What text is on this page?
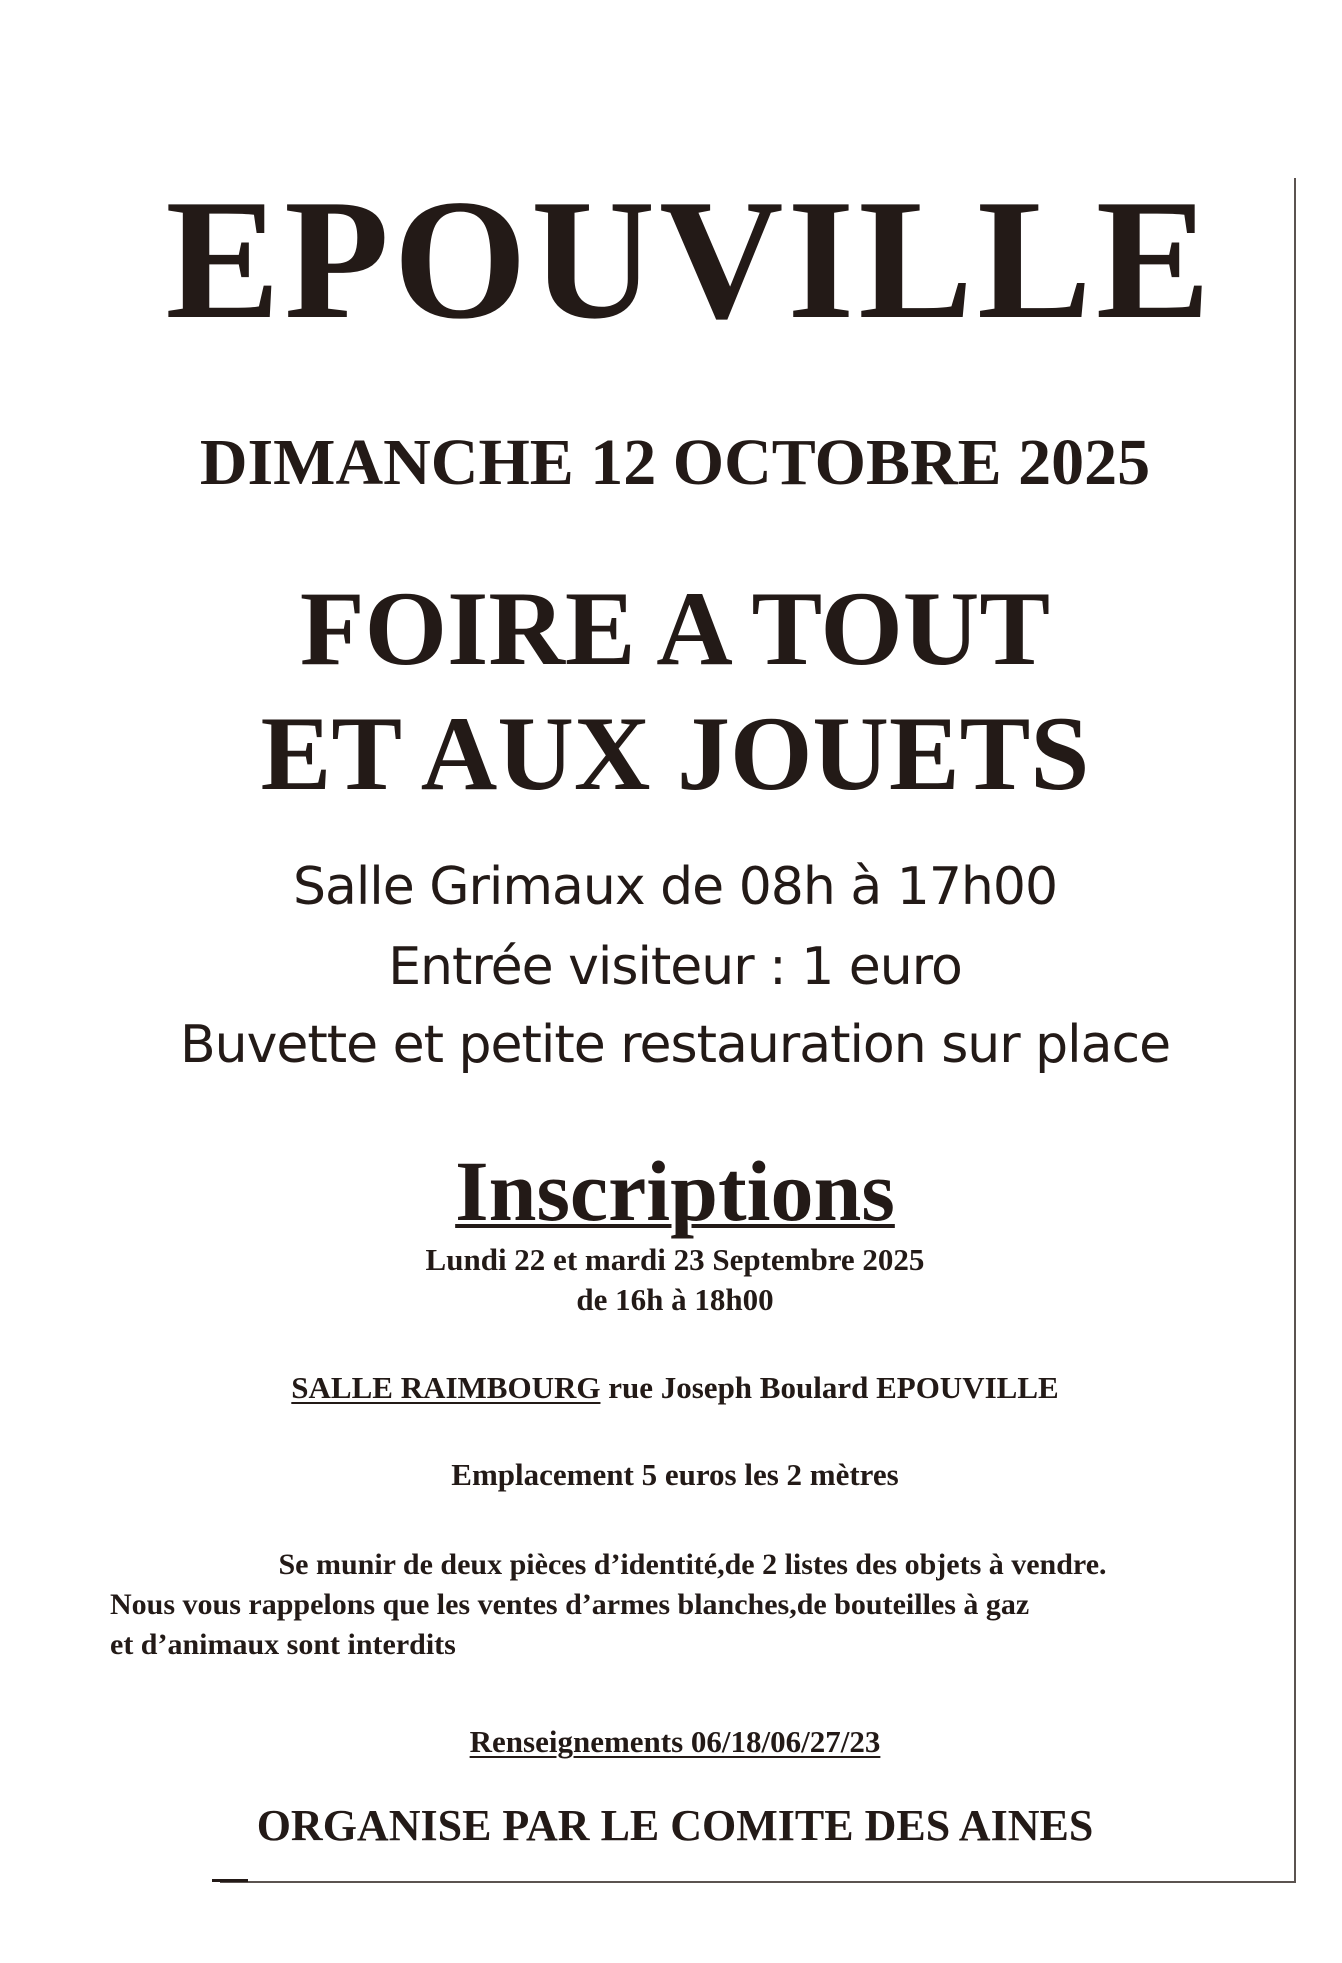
EPOUVILLE

DIMANCHE 12 OCTOBRE 2025

FOIRE A TOUT

ET AUX JOUETS

Salle Grimaux de 08h à 17h00

Entrée visiteur : 1 euro

Buvette et petite restauration sur place

Inscriptions

Lundi 22 et mardi 23 Septembre 2025

de 16h à 18h00

SALLE RAIMBOURG rue Joseph Boulard EPOUVILLE

Emplacement 5 euros les 2 mètres

Se munir de deux pièces d’identité,de 2 listes des objets à vendre.

Nous vous rappelons que les ventes d’armes blanches,de bouteilles à gaz

et d’animaux sont interdits

Renseignements 06/18/06/27/23

ORGANISE PAR LE COMITE DES AINES
